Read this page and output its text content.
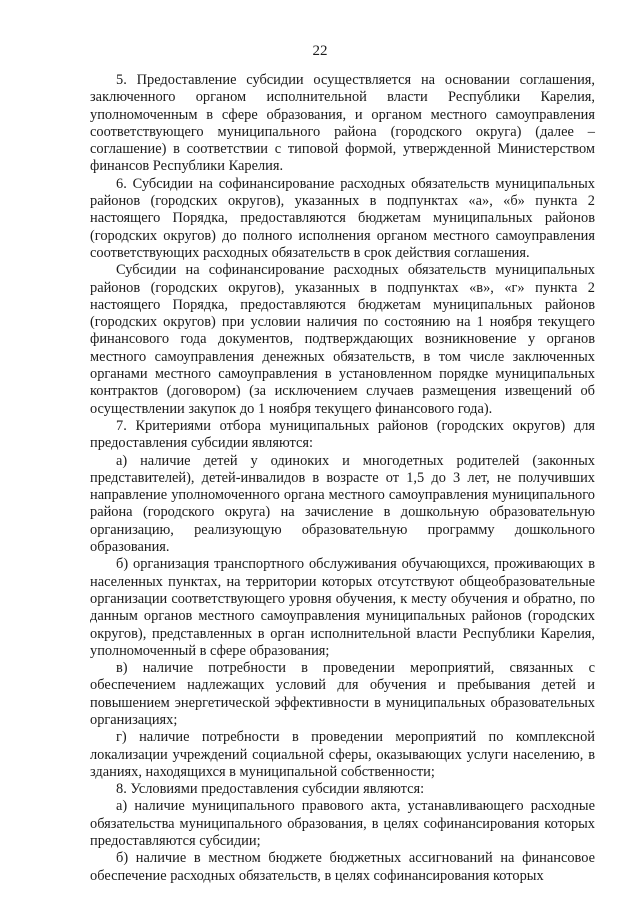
22

5. Предоставление субсидии осуществляется на основании соглашения, заключенного органом исполнительной власти Республики Карелия, уполномоченным в сфере образования, и органом местного самоуправления соответствующего муниципального района (городского округа) (далее – соглашение) в соответствии с типовой формой, утвержденной Министерством финансов Республики Карелия.

6. Субсидии на софинансирование расходных обязательств муниципальных районов (городских округов), указанных в подпунктах «а», «б» пункта 2 настоящего Порядка, предоставляются бюджетам муниципальных районов (городских округов) до полного исполнения органом местного самоуправления соответствующих расходных обязательств в срок действия соглашения.

Субсидии на софинансирование расходных обязательств муниципальных районов (городских округов), указанных в подпунктах «в», «г» пункта 2 настоящего Порядка, предоставляются бюджетам муниципальных районов (городских округов) при условии наличия по состоянию на 1 ноября текущего финансового года документов, подтверждающих возникновение у органов местного самоуправления денежных обязательств, в том числе заключенных органами местного самоуправления в установленном порядке муниципальных контрактов (договором) (за исключением случаев размещения извещений об осуществлении закупок до 1 ноября текущего финансового года).

7. Критериями отбора муниципальных районов (городских округов) для предоставления субсидии являются:

а) наличие детей у одиноких и многодетных родителей (законных представителей), детей-инвалидов в возрасте от 1,5 до 3 лет, не получивших направление уполномоченного органа местного самоуправления муниципального района (городского округа) на зачисление в дошкольную образовательную организацию, реализующую образовательную программу дошкольного образования.

б) организация транспортного обслуживания обучающихся, проживающих в населенных пунктах, на территории которых отсутствуют общеобразовательные организации соответствующего уровня обучения, к месту обучения и обратно, по данным органов местного самоуправления муниципальных районов (городских округов), представленных в орган исполнительной власти Республики Карелия, уполномоченный в сфере образования;

в) наличие потребности в проведении мероприятий, связанных с обеспечением надлежащих условий для обучения и пребывания детей и повышением энергетической эффективности в муниципальных образовательных организациях;

г) наличие потребности в проведении мероприятий по комплексной локализации учреждений социальной сферы, оказывающих услуги населению, в зданиях, находящихся в муниципальной собственности;

8. Условиями предоставления субсидии являются:

а) наличие муниципального правового акта, устанавливающего расходные обязательства муниципального образования, в целях софинансирования которых предоставляются субсидии;

б) наличие в местном бюджете бюджетных ассигнований на финансовое обеспечение расходных обязательств, в целях софинансирования которых
